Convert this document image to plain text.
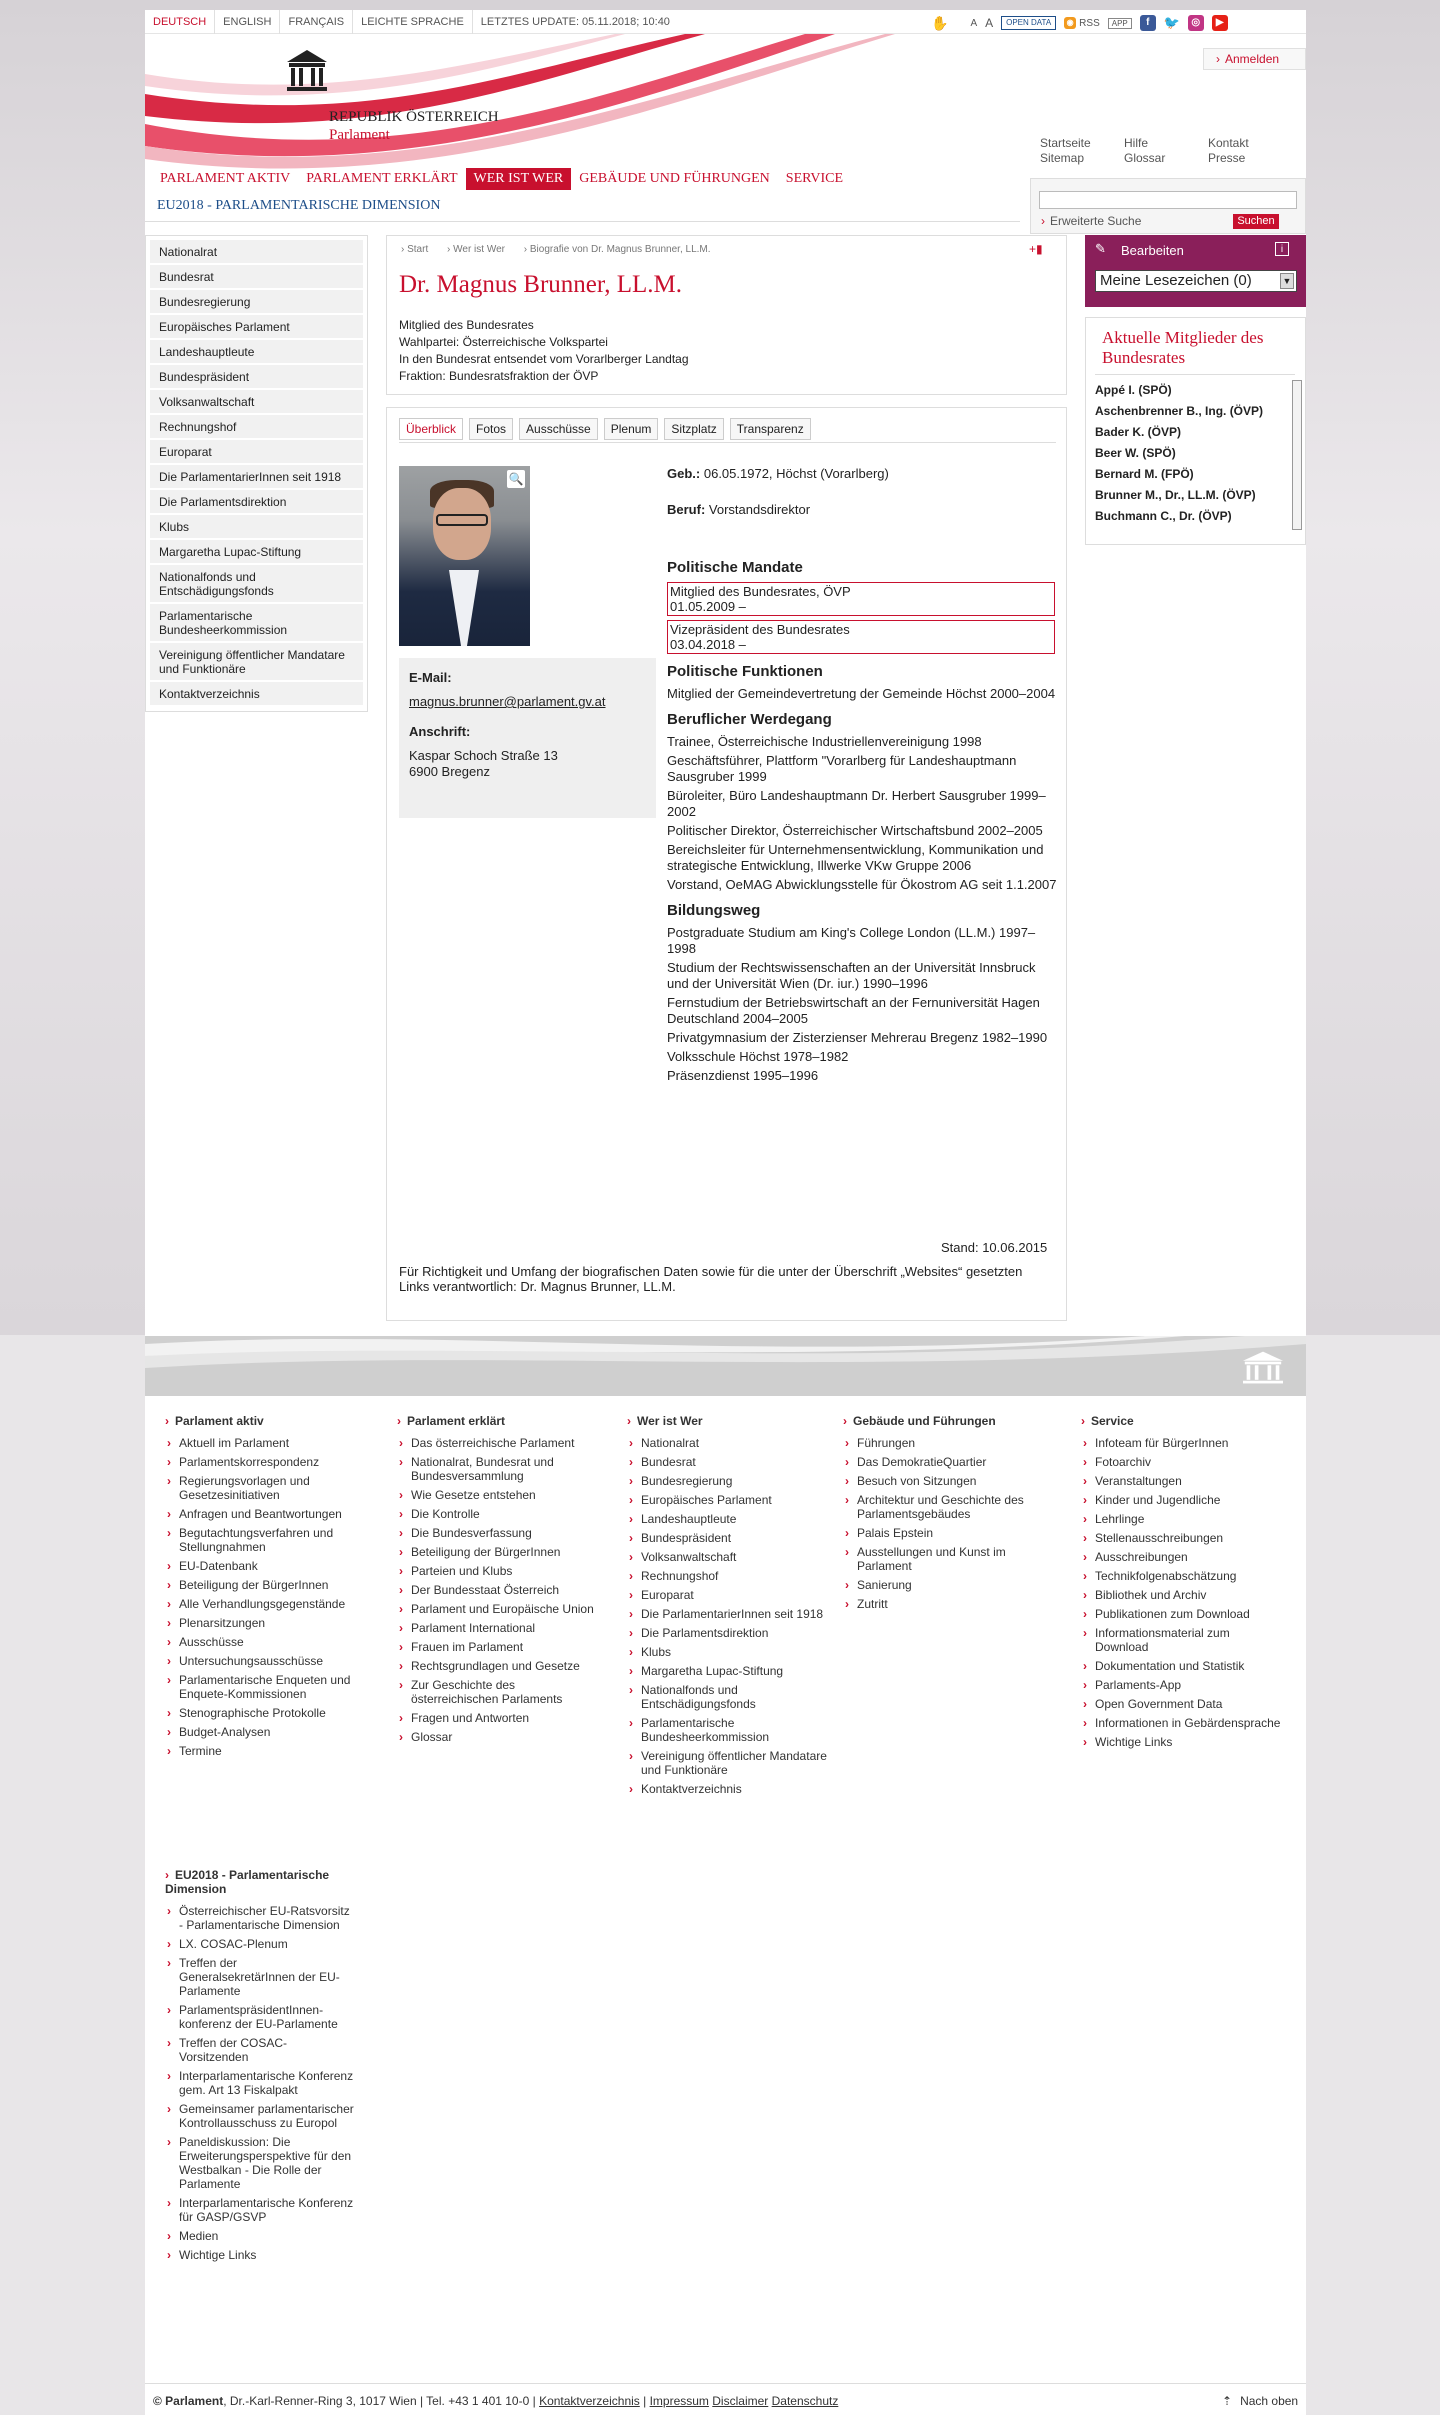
DEUTSCH	ENGLISH	FRANÇAIS	LEICHTE SPRACHE	LETZTES UPDATE: 05.11.2018; 10:40	✋ A A	OPEN DATA	◉ RSS	APP	f	🐦	◎	▶
REPUBLIK ÖSTERREICH
Parlament
› Anmelden
Startseite	Hilfe	Kontakt
Sitemap	Glossar	Presse
PARLAMENT AKTIV	PARLAMENT ERKLÄRT	WER IST WER	GEBÄUDE UND FÜHRUNGEN	SERVICE
EU2018 - PARLAMENTARISCHE DIMENSION
› Erweiterte Suche	Suchen
Nationalrat
Bundesrat
Bundesregierung
Europäisches Parlament
Landeshauptleute
Bundespräsident
Volksanwaltschaft
Rechnungshof
Europarat
Die ParlamentarierInnen seit 1918
Die Parlamentsdirektion
Klubs
Margaretha Lupac-Stiftung
Nationalfonds und Entschädigungsfonds
Parlamentarische Bundesheerkommission
Vereinigung öffentlicher Mandatare und Funktionäre
Kontaktverzeichnis
› Start › Wer ist Wer › Biografie von Dr. Magnus Brunner, LL.M.	+▮
Dr. Magnus Brunner, LL.M.
Mitglied des Bundesrates
Wahlpartei: Österreichische Volkspartei
In den Bundesrat entsendet vom Vorarlberger Landtag
Fraktion: Bundesratsfraktion der ÖVP
Überblick	Fotos	Ausschüsse	Plenum	Sitzplatz	Transparenz
🔍
E-Mail:
magnus.brunner@parlament.gv.at
Anschrift:
Kaspar Schoch Straße 13
6900 Bregenz
Geb.: 06.05.1972, Höchst (Vorarlberg)
Beruf: Vorstandsdirektor
Politische Mandate
Mitglied des Bundesrates, ÖVP
01.05.2009 –
Vizepräsident des Bundesrates
03.04.2018 –
Politische Funktionen
Mitglied der Gemeindevertretung der Gemeinde Höchst 2000–2004
Beruflicher Werdegang
Trainee, Österreichische Industriellenvereinigung 1998
Geschäftsführer, Plattform "Vorarlberg für Landeshauptmann Sausgruber 1999
Büroleiter, Büro Landeshauptmann Dr. Herbert Sausgruber 1999–2002
Politischer Direktor, Österreichischer Wirtschaftsbund 2002–2005
Bereichsleiter für Unternehmensentwicklung, Kommunikation und strategische Entwicklung, Illwerke VKw Gruppe 2006
Vorstand, OeMAG Abwicklungsstelle für Ökostrom AG seit 1.1.2007
Bildungsweg
Postgraduate Studium am King's College London (LL.M.) 1997–1998
Studium der Rechtswissenschaften an der Universität Innsbruck und der Universität Wien (Dr. iur.) 1990–1996
Fernstudium der Betriebswirtschaft an der Fernuniversität Hagen Deutschland 2004–2005
Privatgymnasium der Zisterzienser Mehrerau Bregenz 1982–1990
Volksschule Höchst 1978–1982
Präsenzdienst 1995–1996
Stand: 10.06.2015
Für Richtigkeit und Umfang der biografischen Daten sowie für die unter der Überschrift „Websites“ gesetzten Links verantwortlich: Dr. Magnus Brunner, LL.M.
✎	Bearbeiten	i
Meine Lesezeichen (0)	▼
Aktuelle Mitglieder des Bundesrates
Appé I. (SPÖ)
Aschenbrenner B., Ing. (ÖVP)
Bader K. (ÖVP)
Beer W. (SPÖ)
Bernard M. (FPÖ)
Brunner M., Dr., LL.M. (ÖVP)
Buchmann C., Dr. (ÖVP)
› Parlament aktiv
› Aktuell im Parlament
› Parlamentskorrespondenz
› Regierungsvorlagen und Gesetzesinitiativen
› Anfragen und Beantwortungen
› Begutachtungsverfahren und Stellungnahmen
› EU-Datenbank
› Beteiligung der BürgerInnen
› Alle Verhandlungsgegenstände
› Plenarsitzungen
› Ausschüsse
› Untersuchungsausschüsse
› Parlamentarische Enqueten und Enquete-Kommissionen
› Stenographische Protokolle
› Budget-Analysen
› Termine
› Parlament erklärt
› Das österreichische Parlament
› Nationalrat, Bundesrat und Bundesversammlung
› Wie Gesetze entstehen
› Die Kontrolle
› Die Bundesverfassung
› Beteiligung der BürgerInnen
› Parteien und Klubs
› Der Bundesstaat Österreich
› Parlament und Europäische Union
› Parlament International
› Frauen im Parlament
› Rechtsgrundlagen und Gesetze
› Zur Geschichte des österreichischen Parlaments
› Fragen und Antworten
› Glossar
› Wer ist Wer
› Nationalrat
› Bundesrat
› Bundesregierung
› Europäisches Parlament
› Landeshauptleute
› Bundespräsident
› Volksanwaltschaft
› Rechnungshof
› Europarat
› Die ParlamentarierInnen seit 1918
› Die Parlamentsdirektion
› Klubs
› Margaretha Lupac-Stiftung
› Nationalfonds und Entschädigungsfonds
› Parlamentarische Bundesheerkommission
› Vereinigung öffentlicher Mandatare und Funktionäre
› Kontaktverzeichnis
› Gebäude und Führungen
› Führungen
› Das DemokratieQuartier
› Besuch von Sitzungen
› Architektur und Geschichte des Parlamentsgebäudes
› Palais Epstein
› Ausstellungen und Kunst im Parlament
› Sanierung
› Zutritt
› Service
› Infoteam für BürgerInnen
› Fotoarchiv
› Veranstaltungen
› Kinder und Jugendliche
› Lehrlinge
› Stellenausschreibungen
› Ausschreibungen
› Technikfolgenabschätzung
› Bibliothek und Archiv
› Publikationen zum Download
› Informationsmaterial zum Download
› Dokumentation und Statistik
› Parlaments-App
› Open Government Data
› Informationen in Gebärdensprache
› Wichtige Links
› EU2018 - Parlamentarische Dimension
› Österreichischer EU-Ratsvorsitz - Parlamentarische Dimension
› LX. COSAC-Plenum
› Treffen der GeneralsekretärInnen der EU-Parlamente
› ParlamentspräsidentInnen-konferenz der EU-Parlamente
› Treffen der COSAC-Vorsitzenden
› Interparlamentarische Konferenz gem. Art 13 Fiskalpakt
› Gemeinsamer parlamentarischer Kontrollausschuss zu Europol
› Paneldiskussion: Die Erweiterungsperspektive für den Westbalkan - Die Rolle der Parlamente
› Interparlamentarische Konferenz für GASP/GSVP
› Medien
› Wichtige Links
© Parlament, Dr.-Karl-Renner-Ring 3, 1017 Wien | Tel. +43 1 401 10-0 | Kontaktverzeichnis | Impressum Disclaimer Datenschutz	⇡ Nach oben
